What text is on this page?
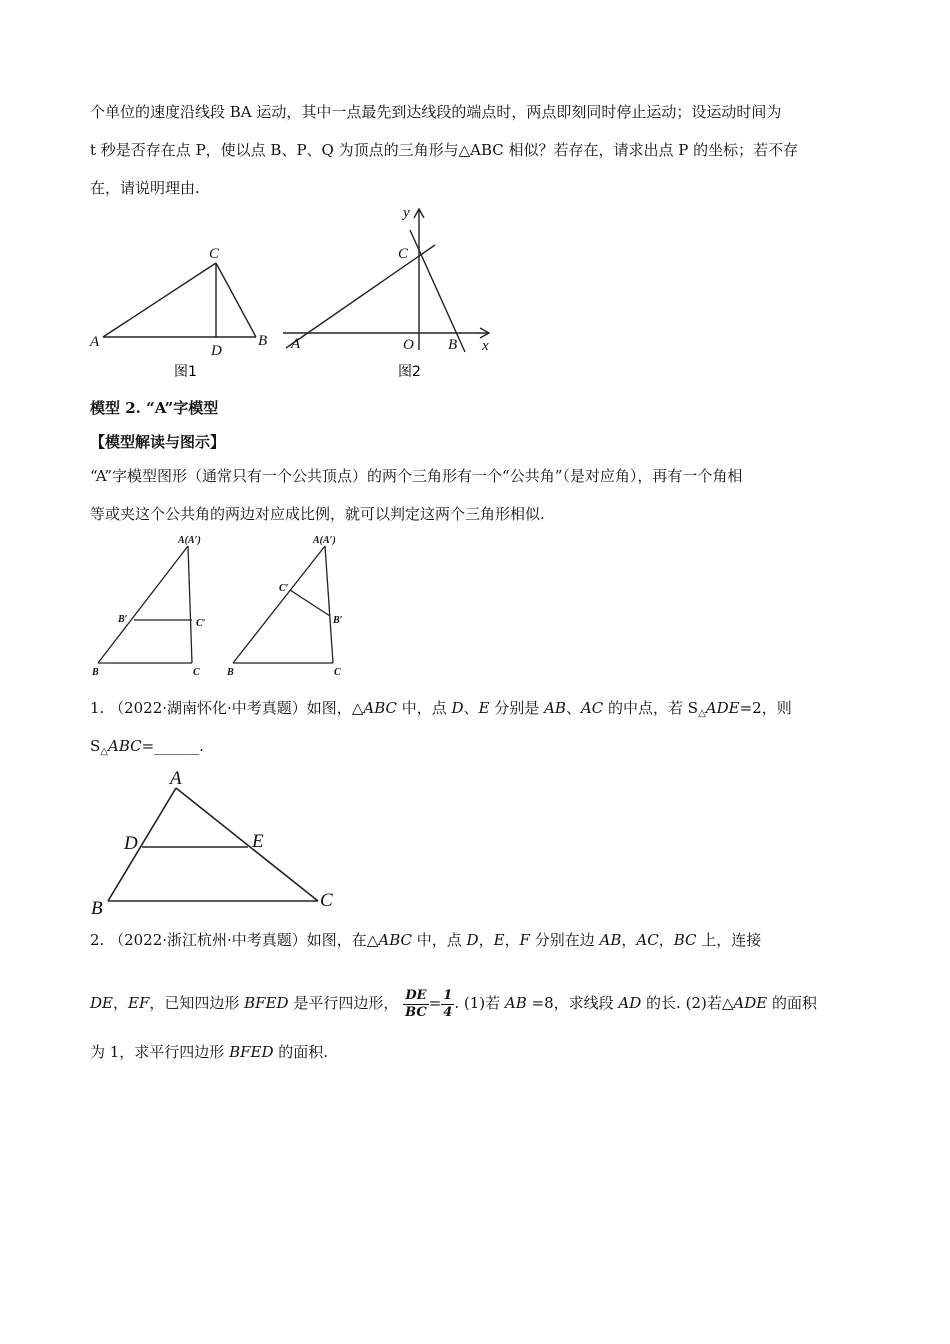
个单位的速度沿线段 BA 运动，其中一点最先到达线段的端点时，两点即刻同时停止运动；设运动时间为
t 秒是否存在点 P，使以点 B、P、Q 为顶点的三角形与△ABC 相似？若存在，请求出点 P 的坐标；若不存
在，请说明理由.
A	B
C
D
图1
A	B
C
O	x
y
图2
模型 2. “A”字模型
【模型解读与图示】
“A”字模型图形（通常只有一个公共顶点）的两个三角形有一个“公共角”（是对应角），再有一个角相
等或夹这个公共角的两边对应成比例，就可以判定这两个三角形相似.
A(A′)
B′	C′
B	C
A(A′)
C′
B′
B	C
1. （2022·湖南怀化·中考真题）如图，△ABC 中，点 D、E 分别是 AB、AC 的中点，若 $S_\triangle ADE=2$，则
$S_\triangle ABC=\_\_\_\_\_\_$.
A
B	C
D	E
2. （2022·浙江杭州·中考真题）如图，在△ABC 中，点 D，E，F 分别在边 AB，AC，BC 上，连接
DE，EF，已知四边形 BFED 是平行四边形， $\frac{DE}{BC} = \frac{1}{4}$ . (1)若 AB =8，求线段 AD 的长. (2)若△ADE 的面积
为 1，求平行四边形 BFED 的面积.
